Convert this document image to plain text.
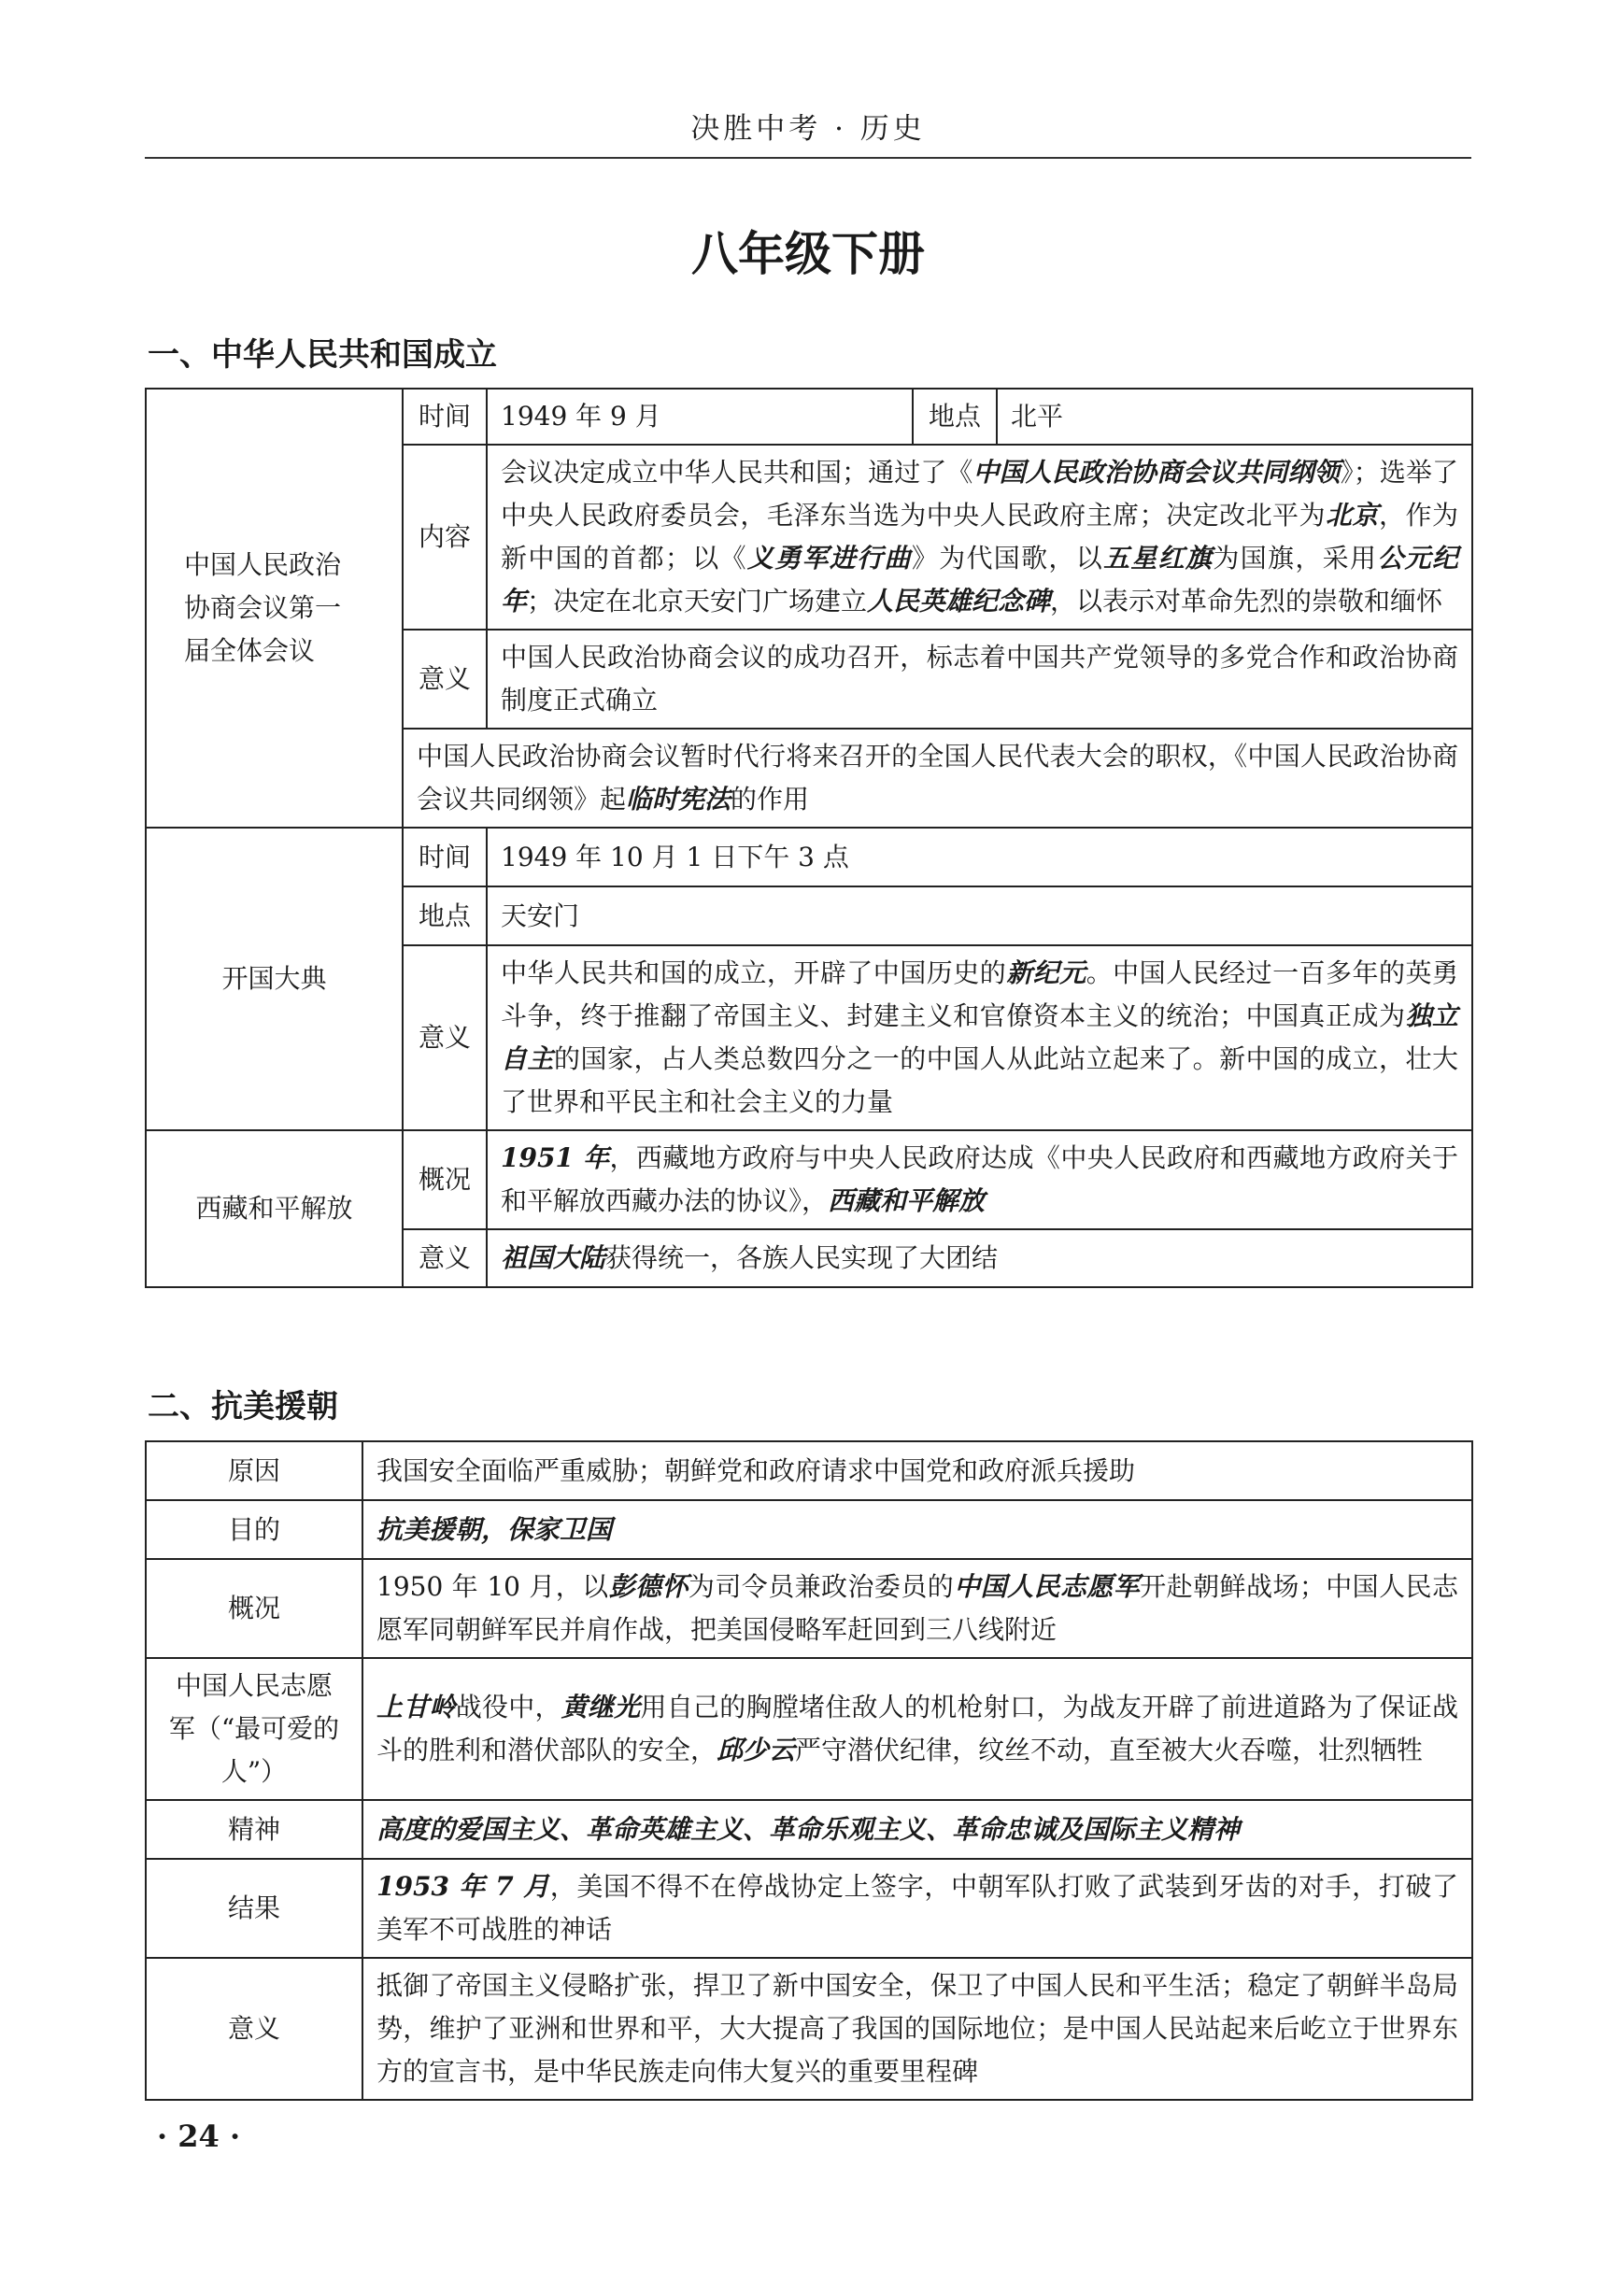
决胜中考 · 历史
八年级下册
一、中华人民共和国成立
中国人民政治协商会议第一届全体会议	时间	1949 年 9 月	地点	北平
	内容	会议决定成立中华人民共和国；通过了《中国人民政治协商会议共同纲领》；选举了中央人民政府委员会，毛泽东当选为中央人民政府主席；决定改北平为北京，作为新中国的首都；以《义勇军进行曲》为代国歌，以五星红旗为国旗，采用公元纪年；决定在北京天安门广场建立人民英雄纪念碑，以表示对革命先烈的崇敬和缅怀		
	意义	中国人民政治协商会议的成功召开，标志着中国共产党领导的多党合作和政治协商制度正式确立		
	中国人民政治协商会议暂时代行将来召开的全国人民代表大会的职权，《中国人民政治协商会议共同纲领》起临时宪法的作用			
开国大典	时间	1949 年 10 月 1 日下午 3 点		
	地点	天安门		
	意义	中华人民共和国的成立，开辟了中国历史的新纪元。中国人民经过一百多年的英勇斗争，终于推翻了帝国主义、封建主义和官僚资本主义的统治；中国真正成为独立自主的国家，占人类总数四分之一的中国人从此站立起来了。新中国的成立，壮大了世界和平民主和社会主义的力量		
西藏和平解放	概况	1951 年，西藏地方政府与中央人民政府达成《中央人民政府和西藏地方政府关于和平解放西藏办法的协议》，西藏和平解放		
	意义	祖国大陆获得统一，各族人民实现了大团结		
二、抗美援朝
原因	我国安全面临严重威胁；朝鲜党和政府请求中国党和政府派兵援助
目的	抗美援朝，保家卫国
概况	1950 年 10 月，以彭德怀为司令员兼政治委员的中国人民志愿军开赴朝鲜战场；中国人民志愿军同朝鲜军民并肩作战，把美国侵略军赶回到三八线附近
中国人民志愿军（“最可爱的人”）	上甘岭战役中，黄继光用自己的胸膛堵住敌人的机枪射口，为战友开辟了前进道路为了保证战斗的胜利和潜伏部队的安全，邱少云严守潜伏纪律，纹丝不动，直至被大火吞噬，壮烈牺牲
精神	高度的爱国主义、革命英雄主义、革命乐观主义、革命忠诚及国际主义精神
结果	1953 年 7 月，美国不得不在停战协定上签字，中朝军队打败了武装到牙齿的对手，打破了美军不可战胜的神话
意义	抵御了帝国主义侵略扩张，捍卫了新中国安全，保卫了中国人民和平生活；稳定了朝鲜半岛局势，维护了亚洲和世界和平，大大提高了我国的国际地位；是中国人民站起来后屹立于世界东方的宣言书，是中华民族走向伟大复兴的重要里程碑
· 24 ·
